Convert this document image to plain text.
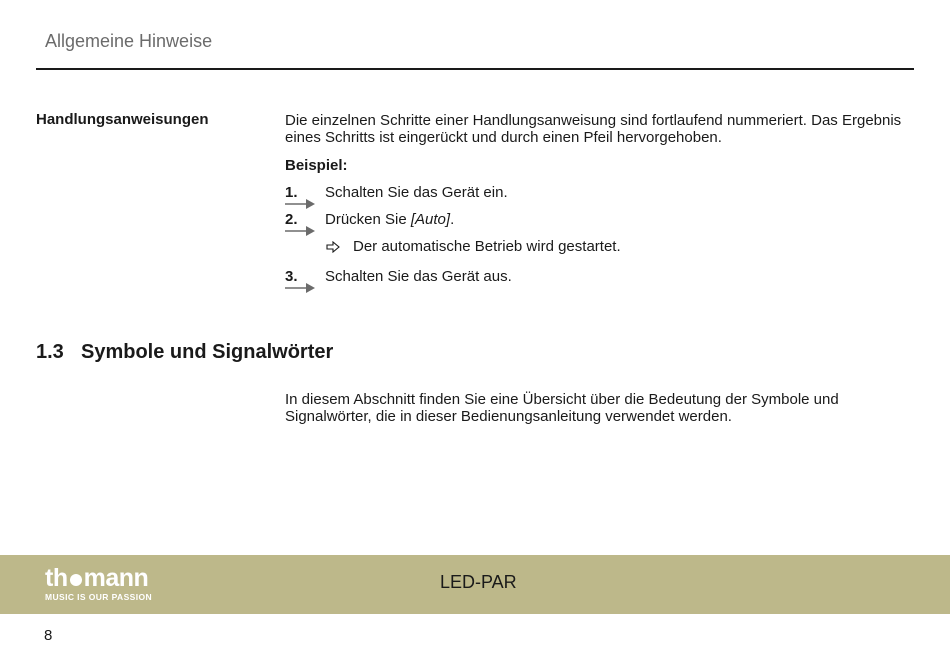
Allgemeine Hinweise
Handlungsanweisungen	Die einzelnen Schritte einer Handlungsanweisung sind fortlaufend nummeriert. Das Ergebnis eines Schritts ist eingerückt und durch einen Pfeil hervorgehoben.
Beispiel:
1. Schalten Sie das Gerät ein.
2. Drücken Sie [Auto].
Der automatische Betrieb wird gestartet.
3. Schalten Sie das Gerät aus.
1.3 Symbole und Signalwörter
In diesem Abschnitt finden Sie eine Übersicht über die Bedeutung der Symbole und Signalwörter, die in dieser Bedienungsanleitung verwendet werden.
th mann
MUSIC IS OUR PASSION
LED-PAR
8
